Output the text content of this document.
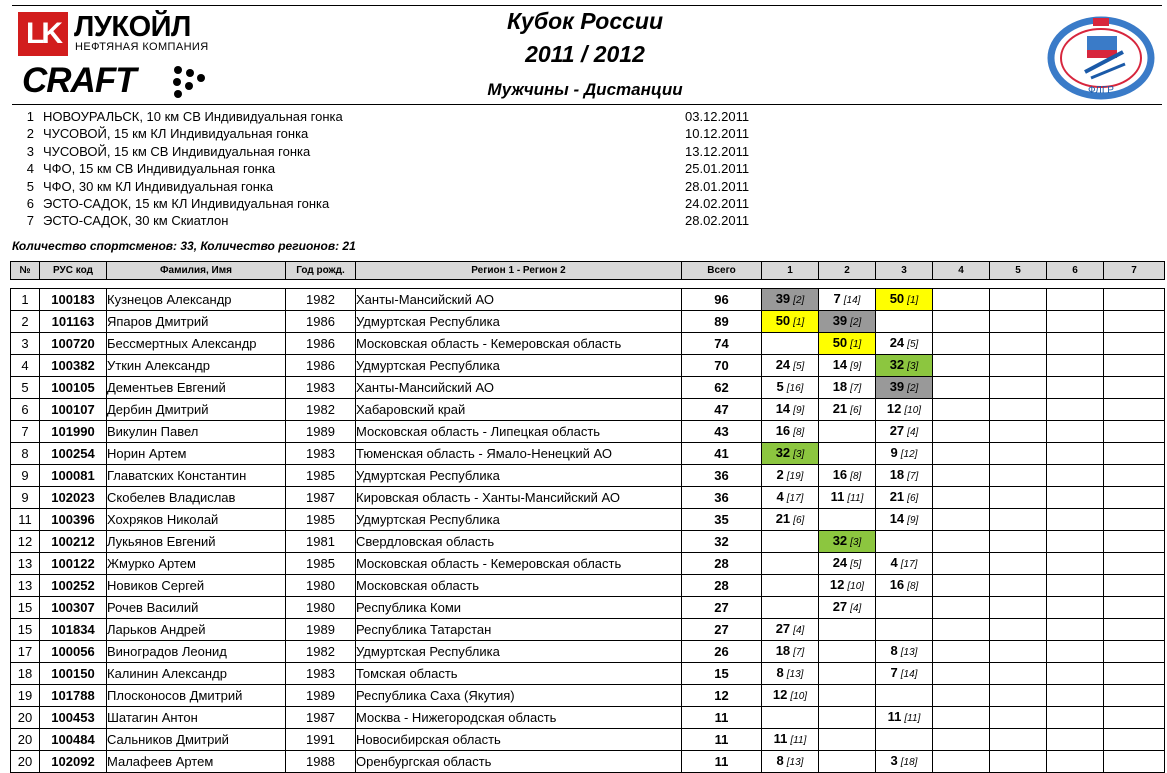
LK ЛУКОЙЛ
НЕФТЯНАЯ КОМПАНИЯ
CRAFT
Кубок России
2011 / 2012
Мужчины - Дистанции	ФЛГР
1 НОВОУРАЛЬСК, 10 км СВ Индивидуальная гонка	03.12.2011
2 ЧУСОВОЙ, 15 км КЛ Индивидуальная гонка	10.12.2011
3 ЧУСОВОЙ, 15 км СВ Индивидуальная гонка	13.12.2011
4 ЧФО, 15 км СВ Индивидуальная гонка	25.01.2011
5 ЧФО, 30 км КЛ Индивидуальная гонка	28.01.2011
6 ЭСТО-САДОК, 15 км КЛ Индивидуальная гонка	24.02.2011
7 ЭСТО-САДОК, 30 км Скиатлон	28.02.2011
Количество спортсменов: 33, Количество регионов: 21
№	РУС код	Фамилия, Имя	Год рожд.	Регион 1 - Регион 2	Всего	1	2	3	4	5	6	7

1	100183	Кузнецов Александр	1982	Ханты-Мансийский АО	96	39 [2]	7 [14]	50 [1]				
2	101163	Япаров Дмитрий	1986	Удмуртская Республика	89	50 [1]	39 [2]					
3	100720	Бессмертных Александр	1986	Московская область - Кемеровская область	74		50 [1]	24 [5]				
4	100382	Уткин Александр	1986	Удмуртская Республика	70	24 [5]	14 [9]	32 [3]				
5	100105	Дементьев Евгений	1983	Ханты-Мансийский АО	62	5 [16]	18 [7]	39 [2]				
6	100107	Дербин Дмитрий	1982	Хабаровский край	47	14 [9]	21 [6]	12 [10]				
7	101990	Викулин Павел	1989	Московская область - Липецкая область	43	16 [8]		27 [4]				
8	100254	Норин Артем	1983	Тюменская область - Ямало-Ненецкий АО	41	32 [3]		9 [12]				
9	100081	Главатских Константин	1985	Удмуртская Республика	36	2 [19]	16 [8]	18 [7]				
9	102023	Скобелев Владислав	1987	Кировская область - Ханты-Мансийский АО	36	4 [17]	11 [11]	21 [6]				
11	100396	Хохряков Николай	1985	Удмуртская Республика	35	21 [6]		14 [9]				
12	100212	Лукьянов Евгений	1981	Свердловская область	32		32 [3]					
13	100122	Жмурко Артем	1985	Московская область - Кемеровская область	28		24 [5]	4 [17]				
13	100252	Новиков Сергей	1980	Московская область	28		12 [10]	16 [8]				
15	100307	Рочев Василий	1980	Республика Коми	27		27 [4]					
15	101834	Ларьков Андрей	1989	Республика Татарстан	27	27 [4]						
17	100056	Виноградов Леонид	1982	Удмуртская Республика	26	18 [7]		8 [13]				
18	100150	Калинин Александр	1983	Томская область	15	8 [13]		7 [14]				
19	101788	Плосконосов Дмитрий	1989	Республика Саха (Якутия)	12	12 [10]						
20	100453	Шатагин Антон	1987	Москва - Нижегородская область	11			11 [11]				
20	100484	Сальников Дмитрий	1991	Новосибирская область	11	11 [11]						
20	102092	Малафеев Артем	1988	Оренбургская область	11	8 [13]		3 [18]				
